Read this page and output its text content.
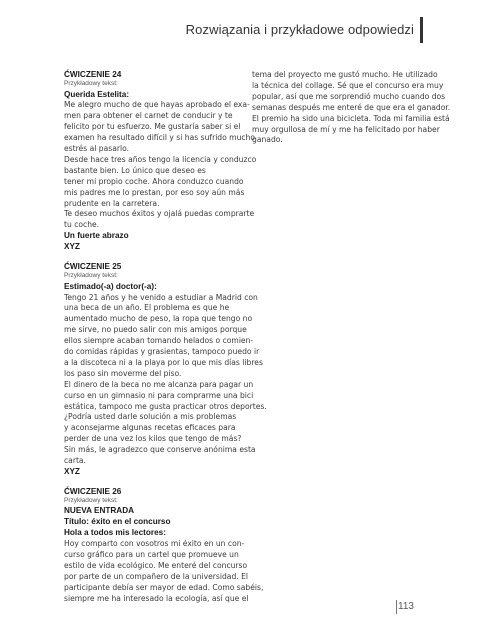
Rozwiązania i przykładowe odpowiedzi
ĆWICZENIE 24
Przykładowy tekst:
Querida Estelita:
Me alegro mucho de que hayas aprobado el exa-
men para obtener el carnet de conducir y te
felicito por tu esfuerzo. Me gustaría saber si el
examen ha resultado difícil y si has sufrido mucho
estrés al pasarlo.
Desde hace tres años tengo la licencia y conduzco
bastante bien. Lo único que deseo es
tener mi propio coche. Ahora conduzco cuando
mis padres me lo prestan, por eso soy aún más
prudente en la carretera.
Te deseo muchos éxitos y ojalá puedas comprarte
tu coche.
Un fuerte abrazo
XYZ
ĆWICZENIE 25
Przykładowy tekst:
Estimado(-a) doctor(-a):
Tengo 21 años y he venido a estudiar a Madrid con
una beca de un año. El problema es que he
aumentado mucho de peso, la ropa que tengo no
me sirve, no puedo salir con mis amigos porque
ellos siempre acaban tomando helados o comien-
do comidas rápidas y grasientas, tampoco puedo ir
a la discoteca ni a la playa por lo que mis días libres
los paso sin moverme del piso.
El dinero de la beca no me alcanza para pagar un
curso en un gimnasio ni para comprarme una bici
estática, tampoco me gusta practicar otros deportes.
¿Podría usted darle solución a mis problemas
y aconsejarme algunas recetas eficaces para
perder de una vez los kilos que tengo de más?
Sin más, le agradezco que conserve anónima esta
carta.
XYZ
ĆWICZENIE 26
Przykładowy tekst:
NUEVA ENTRADA
Título: éxito en el concurso
Hola a todos mis lectores:
Hoy comparto con vosotros mi éxito en un con-
curso gráfico para un cartel que promueve un
estilo de vida ecológico. Me enteré del concurso
por parte de un compañero de la universidad. El
participante debía ser mayor de edad. Como sabéis,
siempre me ha interesado la ecología, así que el
tema del proyecto me gustó mucho. He utilizado
la técnica del collage. Sé que el concurso era muy
popular, así que me sorprendió mucho cuando dos
semanas después me enteré de que era el ganador.
El premio ha sido una bicicleta. Toda mi familia está
muy orgullosa de mí y me ha felicitado por haber
ganado.
113
